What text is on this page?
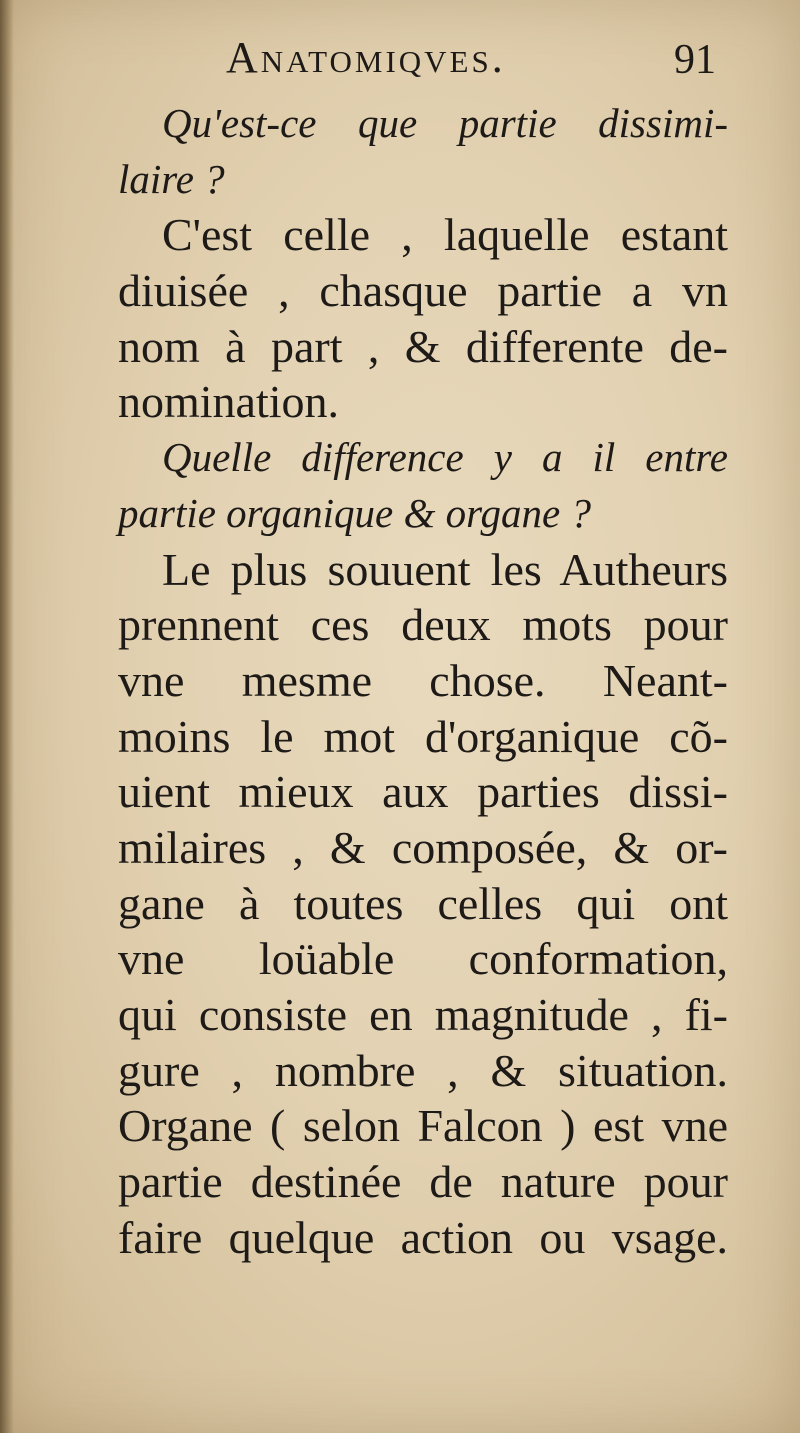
Anatomiqves.	91
Qu'est-ce que partie dissimi-
laire ?
C'est celle , laquelle estant
diuisée , chasque partie a vn
nom à part , & differente de-
nomination.
Quelle difference y a il entre
partie organique & organe ?
Le plus souuent les Autheurs
prennent ces deux mots pour
vne mesme chose. Neant-
moins le mot d'organique cõ-
uient mieux aux parties dissi-
milaires , & composée, & or-
gane à toutes celles qui ont
vne loüable conformation,
qui consiste en magnitude , fi-
gure , nombre , & situation.
Organe ( selon Falcon ) est vne
partie destinée de nature pour
faire quelque action ou vsage.
